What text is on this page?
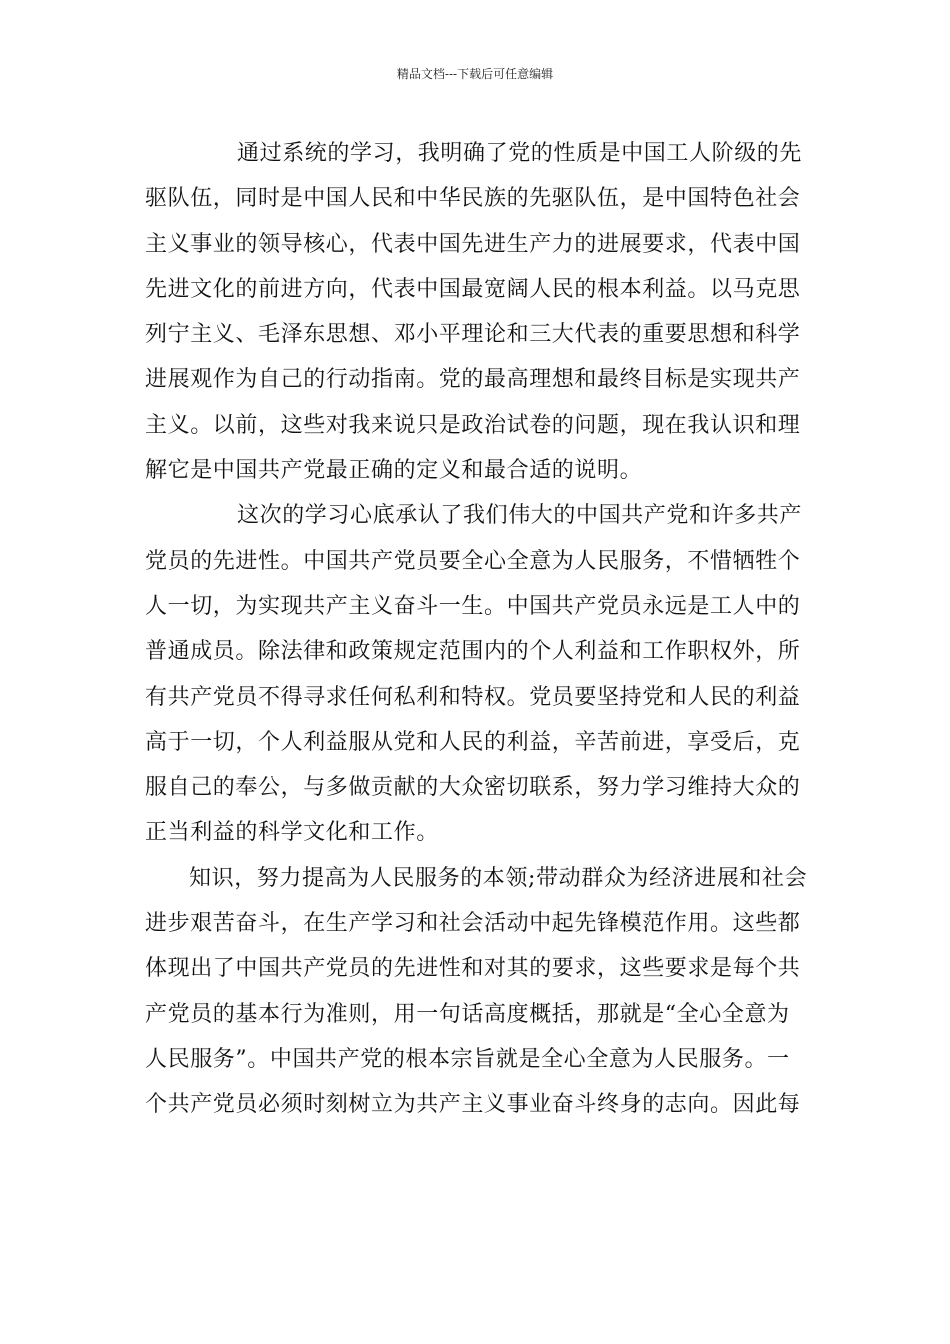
精品文档---下载后可任意编辑
通过系统的学习，我明确了党的性质是中国工人阶级的先
驱队伍，同时是中国人民和中华民族的先驱队伍，是中国特色社会
主义事业的领导核心，代表中国先进生产力的进展要求，代表中国
先进文化的前进方向，代表中国最宽阔人民的根本利益。以马克思
列宁主义、毛泽东思想、邓小平理论和三大代表的重要思想和科学
进展观作为自己的行动指南。党的最高理想和最终目标是实现共产
主义。以前，这些对我来说只是政治试卷的问题，现在我认识和理
解它是中国共产党最正确的定义和最合适的说明。
这次的学习心底承认了我们伟大的中国共产党和许多共产
党员的先进性。中国共产党员要全心全意为人民服务，不惜牺牲个
人一切，为实现共产主义奋斗一生。中国共产党员永远是工人中的
普通成员。除法律和政策规定范围内的个人利益和工作职权外，所
有共产党员不得寻求任何私利和特权。党员要坚持党和人民的利益
高于一切，个人利益服从党和人民的利益，辛苦前进，享受后，克
服自己的奉公，与多做贡献的大众密切联系，努力学习维持大众的
正当利益的科学文化和工作。
知识，努力提高为人民服务的本领;带动群众为经济进展和社会
进步艰苦奋斗，在生产学习和社会活动中起先锋模范作用。这些都
体现出了中国共产党员的先进性和对其的要求，这些要求是每个共
产党员的基本行为准则，用一句话高度概括，那就是“全心全意为
人民服务”。中国共产党的根本宗旨就是全心全意为人民服务。一
个共产党员必须时刻树立为共产主义事业奋斗终身的志向。因此每
